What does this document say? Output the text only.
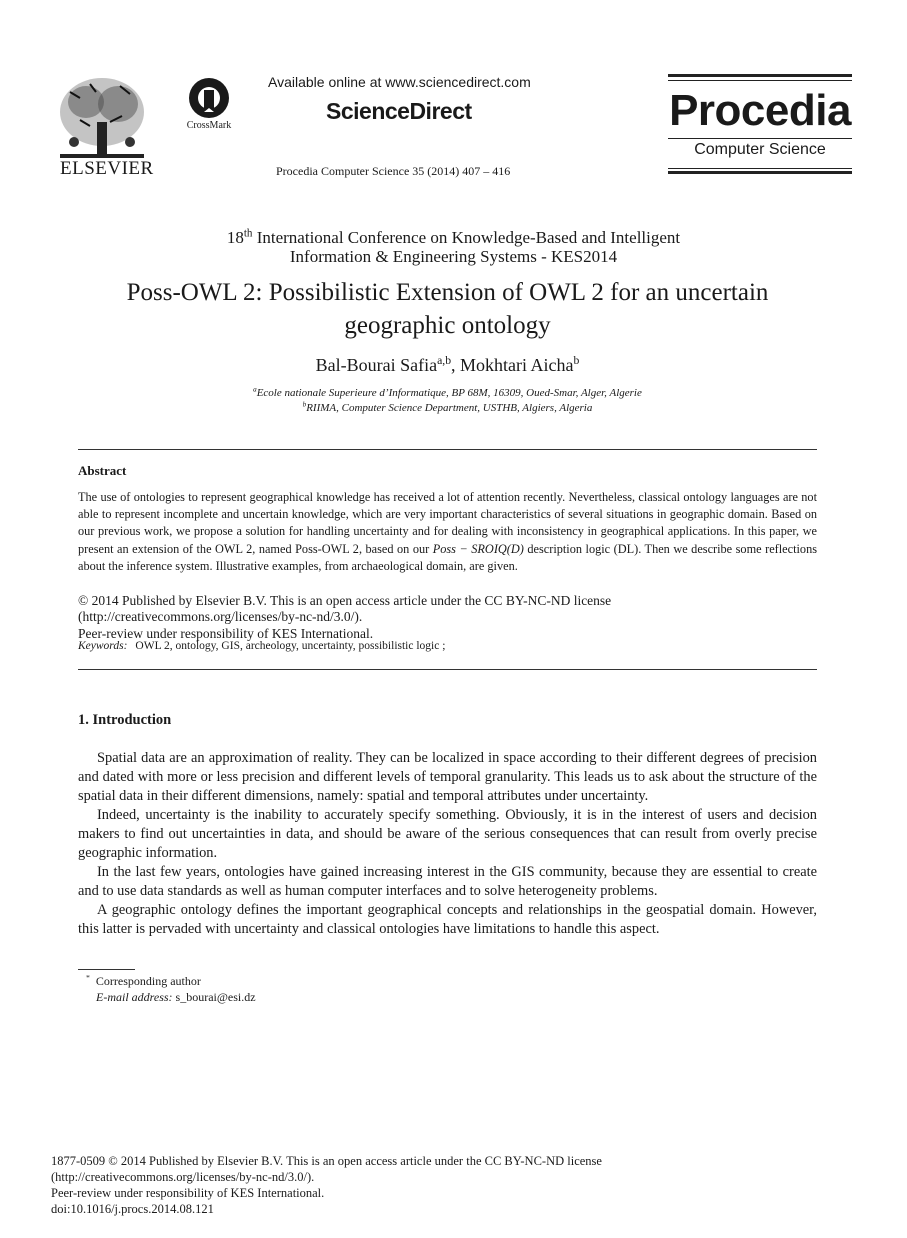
ELSEVIER
CrossMark
Available online at www.sciencedirect.com
ScienceDirect
Procedia Computer Science 35 (2014) 407 – 416
Procedia
Computer Science
18th International Conference on Knowledge-Based and Intelligent
Information & Engineering Systems - KES2014
Poss-OWL 2: Possibilistic Extension of OWL 2 for an uncertain
geographic ontology
Bal-Bourai Safia$^{a,b}$, Mokhtari Aicha$^b$
$^a$Ecole nationale Superieure d’Informatique, BP 68M, 16309, Oued-Smar, Alger, Algerie
$^b$RIIMA, Computer Science Department, USTHB, Algiers, Algeria
Abstract
The use of ontologies to represent geographical knowledge has received a lot of attention recently. Nevertheless, classical ontology languages are not able to represent incomplete and uncertain knowledge, which are very important characteristics of several situations in geographic domain. Based on our previous work, we propose a solution for handling uncertainty and for dealing with inconsistency in geographical applications. In this paper, we present an extension of the OWL 2, named Poss-OWL 2, based on our Poss − SROIQ(D) description logic (DL). Then we describe some reflections about the inference system. Illustrative examples, from archaeological domain, are given.
© 2014 Published by Elsevier B.V. This is an open access article under the CC BY-NC-ND license
(http://creativecommons.org/licenses/by-nc-nd/3.0/).
Peer-review under responsibility of KES International.
Keywords: OWL 2, ontology, GIS, archeology, uncertainty, possibilistic logic ;
1. Introduction

Spatial data are an approximation of reality. They can be localized in space according to their different degrees of precision and dated with more or less precision and different levels of temporal granularity. This leads us to ask about the structure of the spatial data in their different dimensions, namely: spatial and temporal attributes under uncertainty.

Indeed, uncertainty is the inability to accurately specify something. Obviously, it is in the interest of users and decision makers to find out uncertainties in data, and should be aware of the serious consequences that can result from overly precise geographic information.

In the last few years, ontologies have gained increasing interest in the GIS community, because they are essential to create and to use data standards as well as human computer interfaces and to solve heterogeneity problems.

A geographic ontology defines the important geographical concepts and relationships in the geospatial domain. However, this latter is pervaded with uncertainty and classical ontologies have limitations to handle this aspect.

* Corresponding author
E-mail address: s_bourai@esi.dz
1877-0509 © 2014 Published by Elsevier B.V. This is an open access article under the CC BY-NC-ND license
(http://creativecommons.org/licenses/by-nc-nd/3.0/).
Peer-review under responsibility of KES International.
doi:10.1016/j.procs.2014.08.121
